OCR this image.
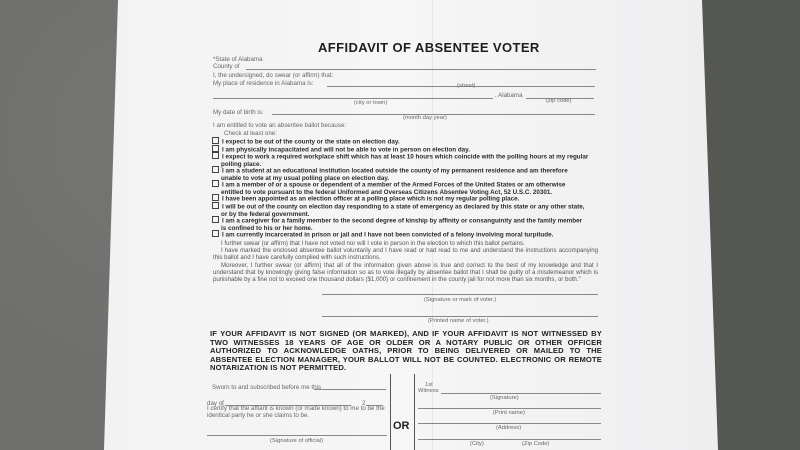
AFFIDAVIT OF ABSENTEE VOTER
*State of Alabama
County of
I, the undersigned, do swear (or affirm) that:
My place of residence in Alabama is:	(street)
, Alabama
(city or town)	(zip code)
My date of birth is:
(month day year)
I am entitled to vote an absentee ballot because:
Check at least one:
I expect to be out of the county or the state on election day.
I am physically incapacitated and will not be able to vote in person on election day.
I expect to work a required workplace shift which has at least 10 hours which coincide with the polling hours at my regular
polling place.
I am a student at an educational institution located outside the county of my permanent residence and am therefore
unable to vote at my usual polling place on election day.
I am a member of or a spouse or dependent of a member of the Armed Forces of the United States or am otherwise
entitled to vote pursuant to the federal Uniformed and Overseas Citizens Absentee Voting Act, 52 U.S.C. 20301.
I have been appointed as an election officer at a polling place which is not my regular polling place.
I will be out of the county on election day responding to a state of emergency as declared by this state or any other state,
or by the federal government.
I am a caregiver for a family member to the second degree of kinship by affinity or consanguinity and the family member
is confined to his or her home.
I am currently incarcerated in prison or jail and I have not been convicted of a felony involving moral turpitude.
I further swear (or affirm) that I have not voted nor will I vote in person in the election to which this ballot pertains.
I have marked the enclosed absentee ballot voluntarily and I have read or had read to me and understand the instructions accompanying this ballot and I have carefully complied with such instructions.
Moreover, I further swear (or affirm) that all of the information given above is true and correct to the best of my knowledge and that I understand that by knowingly giving false information so as to vote illegally by absentee ballot that I shall be guilty of a misdemeanor which is punishable by a fine not to exceed one thousand dollars ($1,000) or confinement in the county jail for not more than six months, or both."
(Signature or mark of voter.)
(Printed name of voter.)
IF YOUR AFFIDAVIT IS NOT SIGNED (OR MARKED), AND IF YOUR AFFIDAVIT IS NOT WITNESSED BY TWO WITNESSES 18 YEARS OF AGE OR OLDER OR A NOTARY PUBLIC OR OTHER OFFICER AUTHORIZED TO ACKNOWLEDGE OATHS, PRIOR TO BEING DELIVERED OR MAILED TO THE ABSENTEE ELECTION MANAGER, YOUR BALLOT WILL NOT BE COUNTED. ELECTRONIC OR REMOTE NOTARIZATION IS NOT PERMITTED.
Sworn to and subscribed before me this
day of	2
I certify that the affiant is known (or made known) to me to be the identical party he or she claims to be.
(Signature of official)
OR
1st
Witness
(Signature)
(Print name)
(Address)
(City)	(Zip Code)
